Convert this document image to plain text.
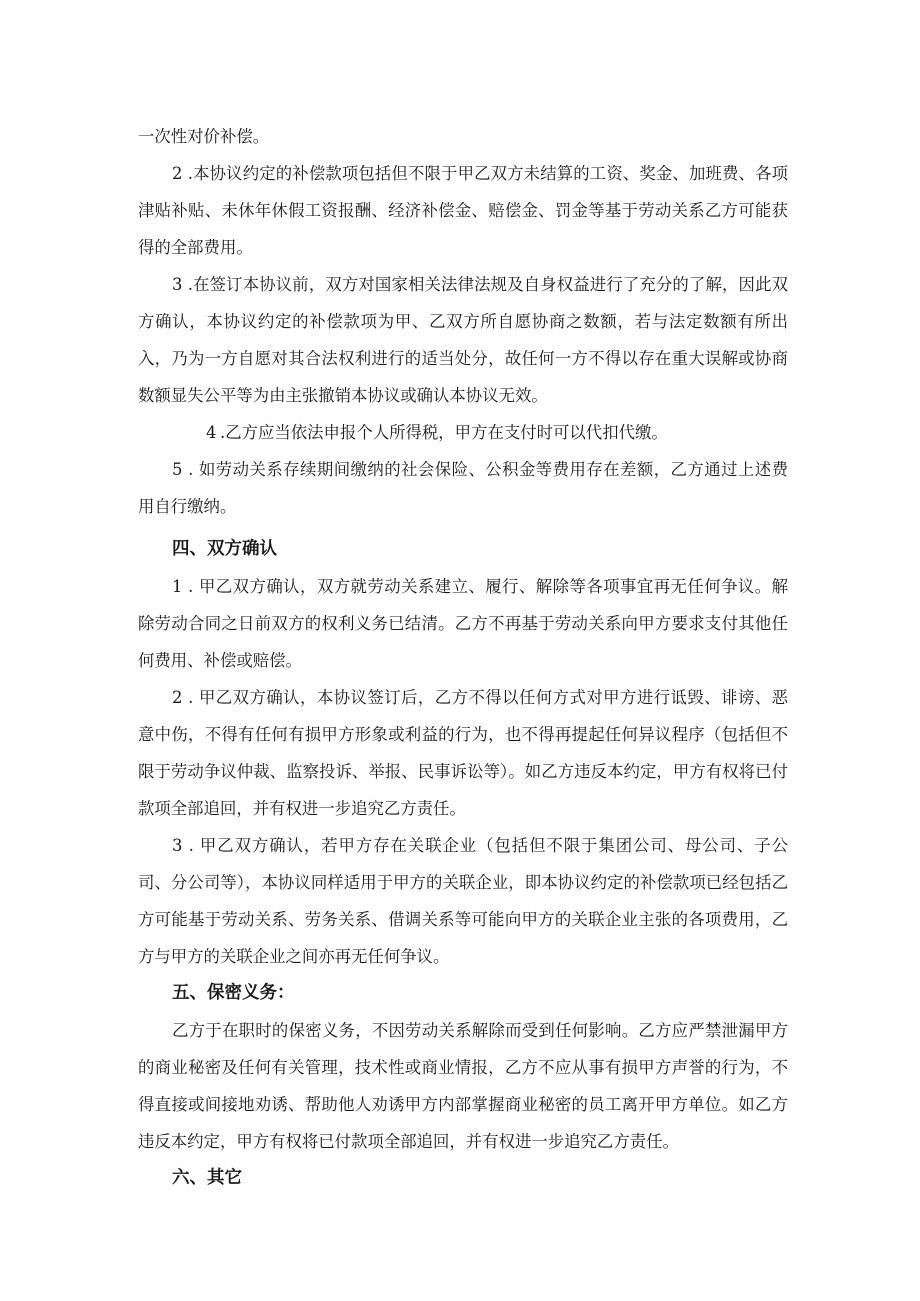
一次性对价补偿。

2 .本协议约定的补偿款项包括但不限于甲乙双方未结算的工资、奖金、加班费、各项津贴补贴、未休年休假工资报酬、经济补偿金、赔偿金、罚金等基于劳动关系乙方可能获得的全部费用。

3 .在签订本协议前，双方对国家相关法律法规及自身权益进行了充分的了解，因此双方确认，本协议约定的补偿款项为甲、乙双方所自愿协商之数额，若与法定数额有所出入，乃为一方自愿对其合法权利进行的适当处分，故任何一方不得以存在重大误解或协商数额显失公平等为由主张撤销本协议或确认本协议无效。

4 .乙方应当依法申报个人所得税，甲方在支付时可以代扣代缴。

5 . 如劳动关系存续期间缴纳的社会保险、公积金等费用存在差额，乙方通过上述费用自行缴纳。

四、双方确认

1 . 甲乙双方确认，双方就劳动关系建立、履行、解除等各项事宜再无任何争议。解除劳动合同之日前双方的权利义务已结清。乙方不再基于劳动关系向甲方要求支付其他任何费用、补偿或赔偿。

2 . 甲乙双方确认，本协议签订后，乙方不得以任何方式对甲方进行诋毁、诽谤、恶意中伤，不得有任何有损甲方形象或利益的行为，也不得再提起任何异议程序（包括但不限于劳动争议仲裁、监察投诉、举报、民事诉讼等）。如乙方违反本约定，甲方有权将已付款项全部追回，并有权进一步追究乙方责任。

3 . 甲乙双方确认，若甲方存在关联企业（包括但不限于集团公司、母公司、子公司、分公司等），本协议同样适用于甲方的关联企业，即本协议约定的补偿款项已经包括乙方可能基于劳动关系、劳务关系、借调关系等可能向甲方的关联企业主张的各项费用，乙方与甲方的关联企业之间亦再无任何争议。

五、保密义务：

乙方于在职时的保密义务，不因劳动关系解除而受到任何影响。乙方应严禁泄漏甲方的商业秘密及任何有关管理，技术性或商业情报，乙方不应从事有损甲方声誉的行为，不得直接或间接地劝诱、帮助他人劝诱甲方内部掌握商业秘密的员工离开甲方单位。如乙方违反本约定，甲方有权将已付款项全部追回，并有权进一步追究乙方责任。

六、其它
